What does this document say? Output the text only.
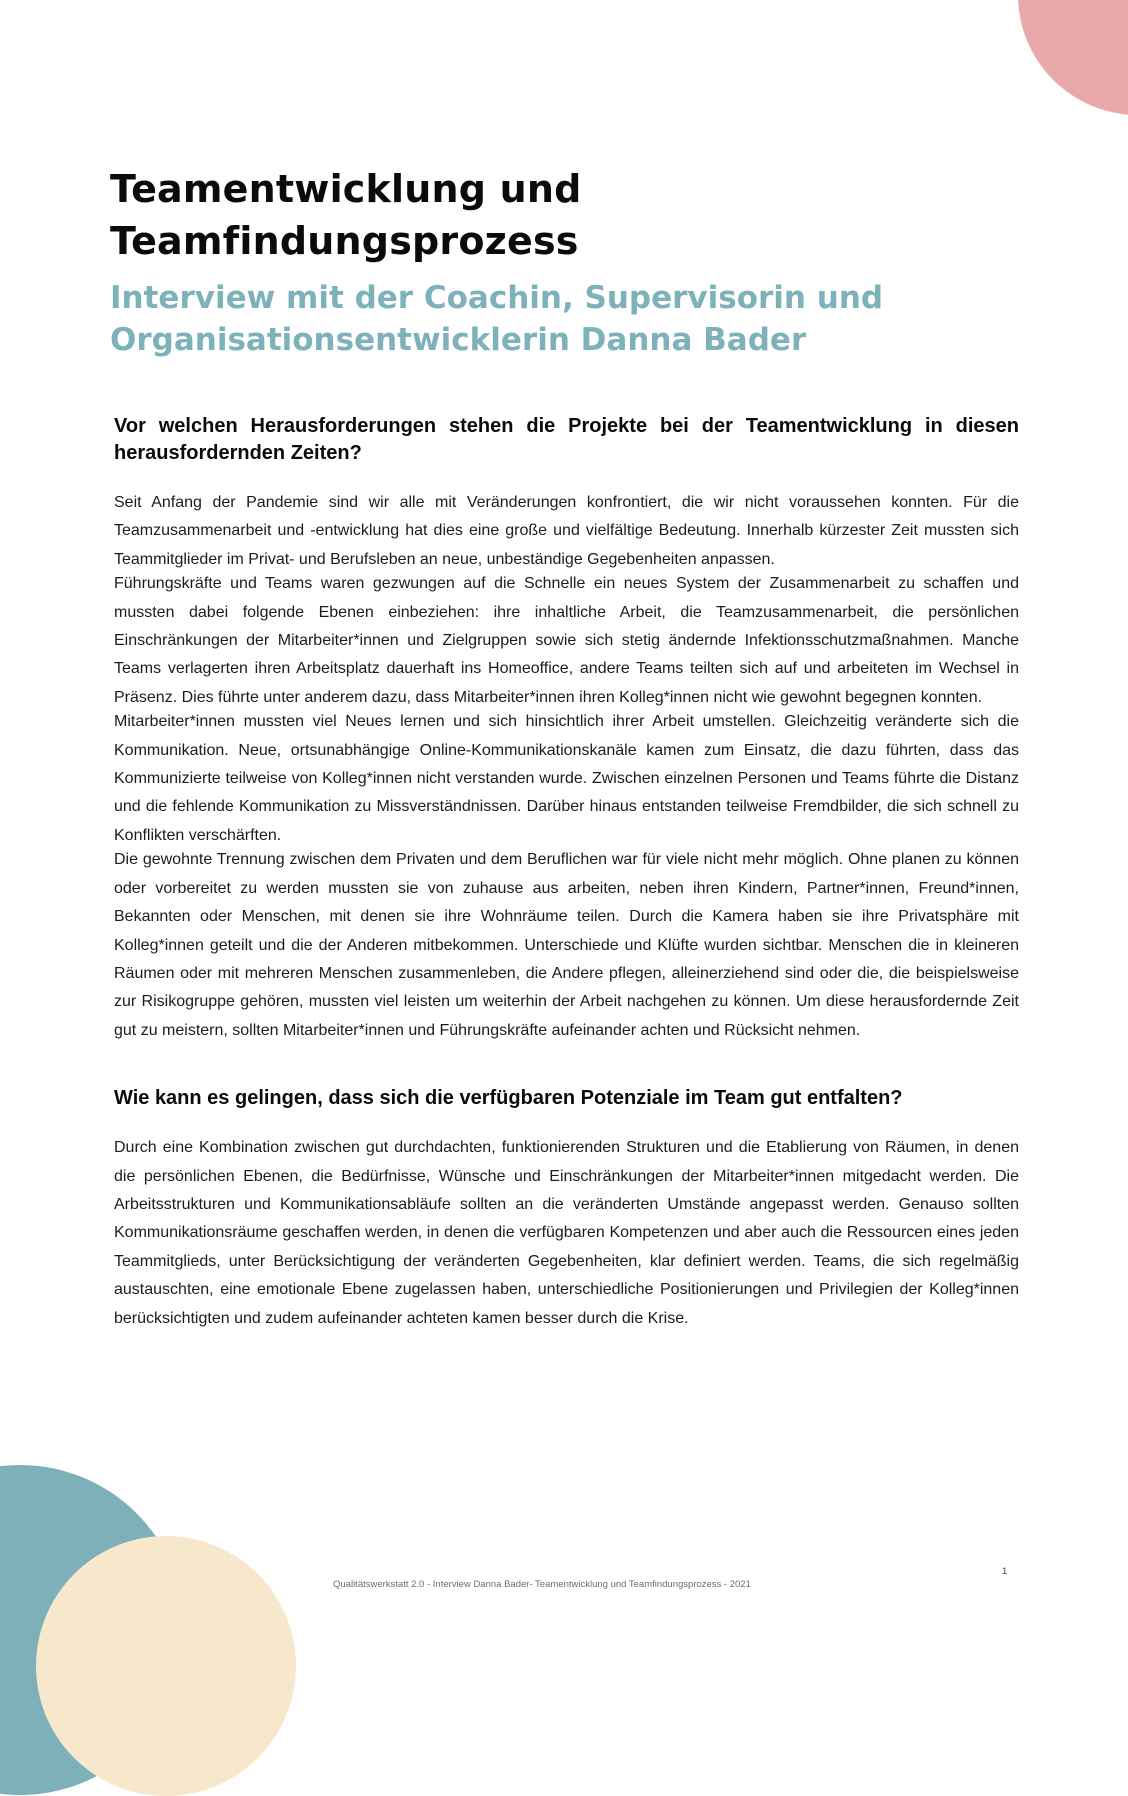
Teamentwicklung und
Teamfindungsprozess
Interview mit der Coachin, Supervisorin und
Organisationsentwicklerin Danna Bader
Vor welchen Herausforderungen stehen die Projekte bei der Teamentwicklung in diesen herausfordernden Zeiten?

Seit Anfang der Pandemie sind wir alle mit Veränderungen konfrontiert, die wir nicht voraussehen konnten. Für die Teamzusammenarbeit und -entwicklung hat dies eine große und vielfältige Bedeutung. Innerhalb kürzester Zeit mussten sich Teammitglieder im Privat- und Berufsleben an neue, unbeständige Gegebenheiten anpassen.

Führungskräfte und Teams waren gezwungen auf die Schnelle ein neues System der Zusammenarbeit zu schaffen und mussten dabei folgende Ebenen einbeziehen: ihre inhaltliche Arbeit, die Teamzusammenarbeit, die persönlichen Einschränkungen der Mitarbeiter*innen und Zielgruppen sowie sich stetig ändernde Infektionsschutzmaßnahmen. Manche Teams verlagerten ihren Arbeitsplatz dauerhaft ins Homeoffice, andere Teams teilten sich auf und arbeiteten im Wechsel in Präsenz. Dies führte unter anderem dazu, dass Mitarbeiter*innen ihren Kolleg*innen nicht wie gewohnt begegnen konnten.

Mitarbeiter*innen mussten viel Neues lernen und sich hinsichtlich ihrer Arbeit umstellen. Gleichzeitig veränderte sich die Kommunikation. Neue, ortsunabhängige Online-Kommunikationskanäle kamen zum Einsatz, die dazu führten, dass das Kommunizierte teilweise von Kolleg*innen nicht verstanden wurde. Zwischen einzelnen Personen und Teams führte die Distanz und die fehlende Kommunikation zu Missverständnissen. Darüber hinaus entstanden teilweise Fremdbilder, die sich schnell zu Konflikten verschärften.

Die gewohnte Trennung zwischen dem Privaten und dem Beruflichen war für viele nicht mehr möglich. Ohne planen zu können oder vorbereitet zu werden mussten sie von zuhause aus arbeiten, neben ihren Kindern, Partner*innen, Freund*innen, Bekannten oder Menschen, mit denen sie ihre Wohnräume teilen. Durch die Kamera haben sie ihre Privatsphäre mit Kolleg*innen geteilt und die der Anderen mitbekommen. Unterschiede und Klüfte wurden sichtbar. Menschen die in kleineren Räumen oder mit mehreren Menschen zusammenleben, die Andere pflegen, alleinerziehend sind oder die, die beispielsweise zur Risikogruppe gehören, mussten viel leisten um weiterhin der Arbeit nachgehen zu können. Um diese herausfordernde Zeit gut zu meistern, sollten Mitarbeiter*innen und Führungskräfte aufeinander achten und Rücksicht nehmen.

Wie kann es gelingen, dass sich die verfügbaren Potenziale im Team gut entfalten?

Durch eine Kombination zwischen gut durchdachten, funktionierenden Strukturen und die Etablierung von Räumen, in denen die persönlichen Ebenen, die Bedürfnisse, Wünsche und Einschränkungen der Mitarbeiter*innen mitgedacht werden. Die Arbeitsstrukturen und Kommunikationsabläufe sollten an die veränderten Umstände angepasst werden. Genauso sollten Kommunikationsräume geschaffen werden, in denen die verfügbaren Kompetenzen und aber auch die Ressourcen eines jeden Teammitglieds, unter Berücksichtigung der veränderten Gegebenheiten, klar definiert werden. Teams, die sich regelmäßig austauschten, eine emotionale Ebene zugelassen haben, unterschiedliche Positionierungen und Privilegien der Kolleg*innen berücksichtigten und zudem aufeinander achteten kamen besser durch die Krise.

1
Qualitätswerkstatt 2.0 - Interview Danna Bader- Teamentwicklung und Teamfindungsprozess - 2021
